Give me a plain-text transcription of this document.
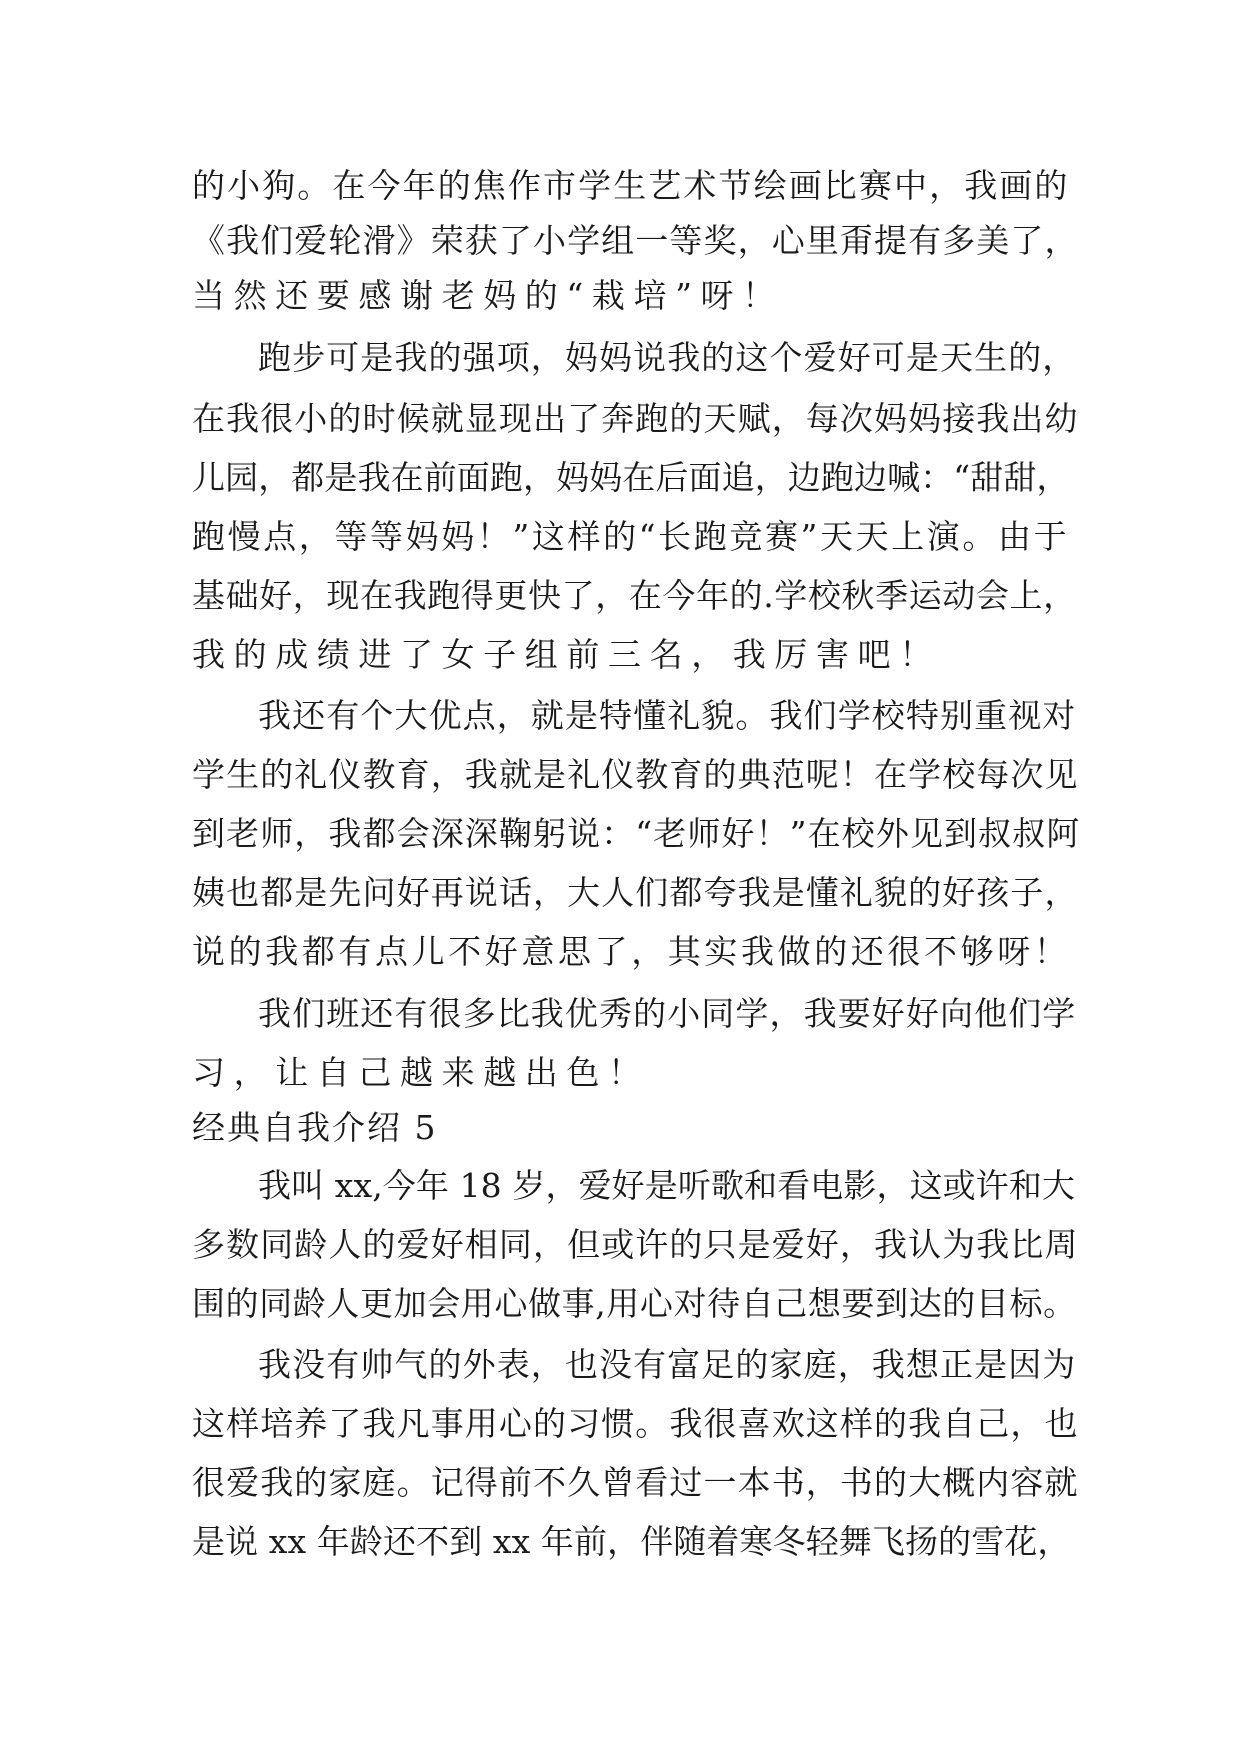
的小狗。在今年的焦作市学生艺术节绘画比赛中，我画的
《我们爱轮滑》荣获了小学组一等奖，心里甭提有多美了，
当然还要感谢老妈的“栽培”呀！
跑步可是我的强项，妈妈说我的这个爱好可是天生的，
在我很小的时候就显现出了奔跑的天赋，每次妈妈接我出幼
儿园，都是我在前面跑，妈妈在后面追，边跑边喊：“甜甜，
跑慢点，等等妈妈！”这样的“长跑竞赛”天天上演。由于
基础好，现在我跑得更快了，在今年的.学校秋季运动会上，
我的成绩进了女子组前三名，我厉害吧！
我还有个大优点，就是特懂礼貌。我们学校特别重视对
学生的礼仪教育，我就是礼仪教育的典范呢！在学校每次见
到老师，我都会深深鞠躬说：“老师好！”在校外见到叔叔阿
姨也都是先问好再说话，大人们都夸我是懂礼貌的好孩子，
说的我都有点儿不好意思了，其实我做的还很不够呀！
我们班还有很多比我优秀的小同学，我要好好向他们学
习，让自己越来越出色！
经典自我介绍 5
我叫 xx,今年 18 岁，爱好是听歌和看电影，这或许和大
多数同龄人的爱好相同，但或许的只是爱好，我认为我比周
围的同龄人更加会用心做事,用心对待自己想要到达的目标。
我没有帅气的外表，也没有富足的家庭，我想正是因为
这样培养了我凡事用心的习惯。我很喜欢这样的我自己，也
很爱我的家庭。记得前不久曾看过一本书，书的大概内容就
是说 xx 年龄还不到 xx 年前，伴随着寒冬轻舞飞扬的雪花，
